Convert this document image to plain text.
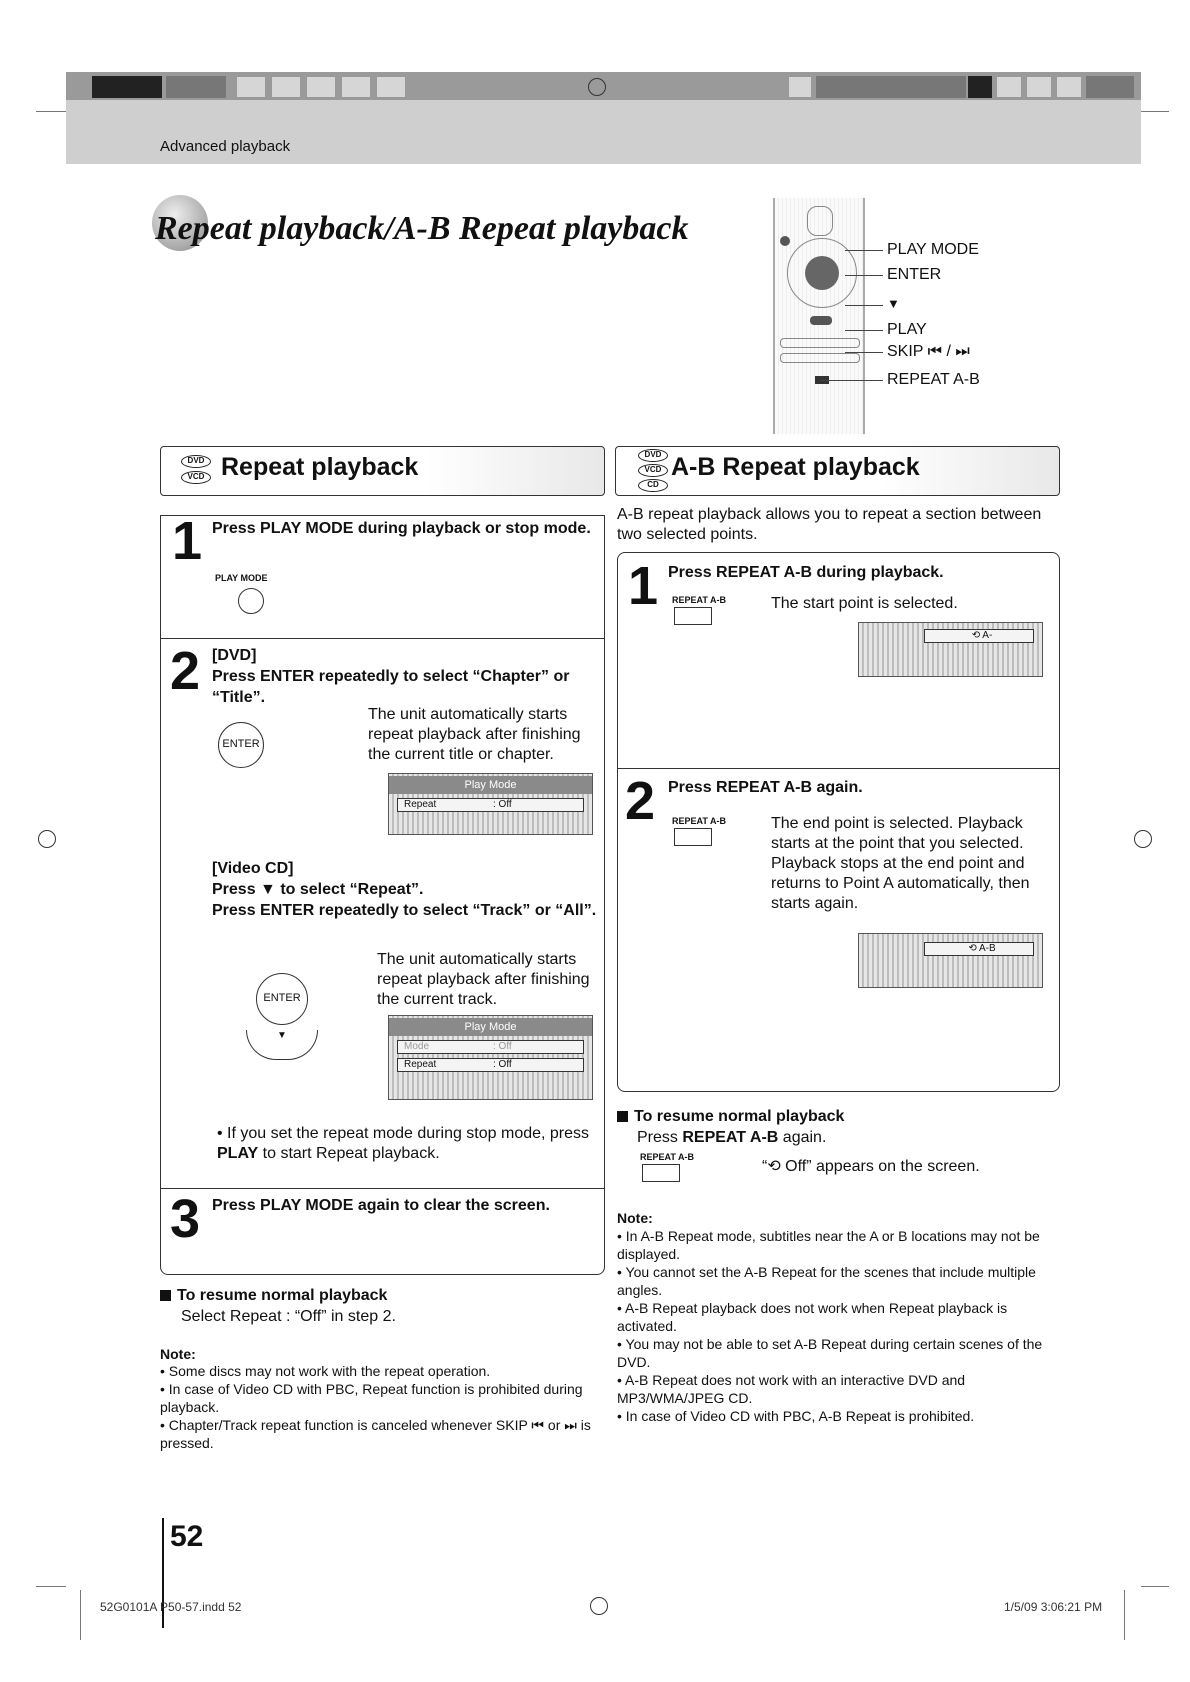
Advanced playback
Repeat playback/A-B Repeat playback
PLAY MODE
ENTER
▼
PLAY
SKIP ⏮ / ⏭
REPEAT A-B
DVD
VCD Repeat playback
1 Press PLAY MODE during playback or stop mode.
PLAY MODE
2 [DVD]
Press ENTER repeatedly to select “Chapter” or “Title”.
ENTER
The unit automatically starts repeat playback after finishing the current title or chapter.
Play Mode
Repeat	: Off
[Video CD]
Press ▼ to select “Repeat”.
Press ENTER repeatedly to select “Track” or “All”.
The unit automatically starts repeat playback after finishing the current track.
ENTER
▼
Play Mode
Mode	: Off
Repeat	: Off
• If you set the repeat mode during stop mode, press PLAY to start Repeat playback.
3 Press PLAY MODE again to clear the screen.
To resume normal playback
Select Repeat : “Off” in step 2.
Note:
• Some discs may not work with the repeat operation.
• In case of Video CD with PBC, Repeat function is prohibited during playback.
• Chapter/Track repeat function is canceled whenever SKIP ⏮ or ⏭ is pressed.
DVD
VCD
CD
A-B Repeat playback
A-B repeat playback allows you to repeat a section between two selected points.
1 Press REPEAT A-B during playback.
REPEAT A-B	The start point is selected.
⟲ A-
2 Press REPEAT A-B again.
REPEAT A-B	The end point is selected. Playback starts at the point that you selected. Playback stops at the end point and returns to Point A automatically, then starts again.
⟲ A-B
To resume normal playback
Press REPEAT A-B again.
REPEAT A-B
“⟲ Off” appears on the screen.
Note:
• In A-B Repeat mode, subtitles near the A or B locations may not be displayed.
• You cannot set the A-B Repeat for the scenes that include multiple angles.
• A-B Repeat playback does not work when Repeat playback is activated.
• You may not be able to set A-B Repeat during certain scenes of the DVD.
• A-B Repeat does not work with an interactive DVD and MP3/WMA/JPEG CD.
• In case of Video CD with PBC, A-B Repeat is prohibited.
52
52G0101A P50-57.indd 52	1/5/09 3:06:21 PM
